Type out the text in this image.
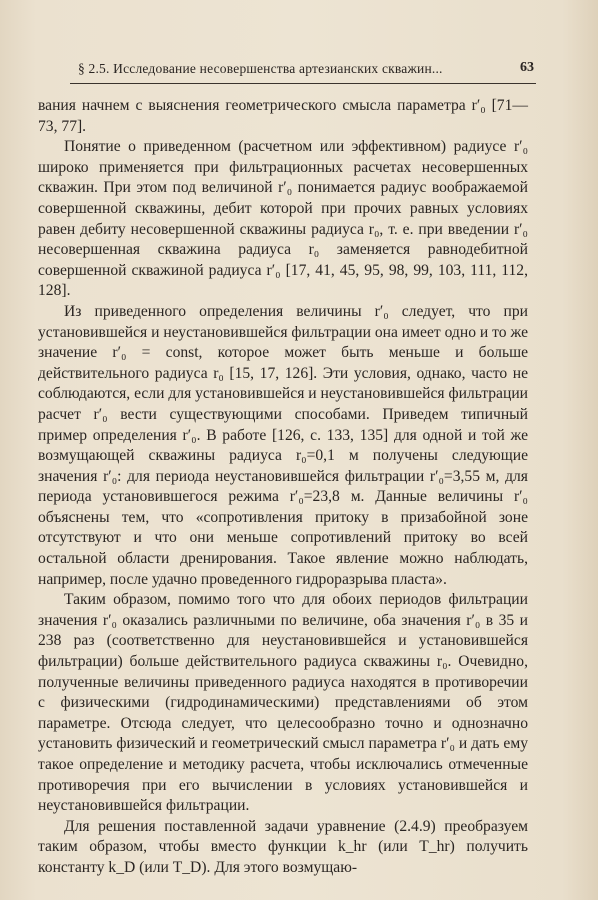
§ 2.5. Исследование несовершенства артезианских скважин...	63

вания начнем с выяснения геометрического смысла параметра r′₀ [71—73, 77].

Понятие о приведенном (расчетном или эффективном) радиусе r′₀ широко применяется при фильтрационных расчетах несовершенных скважин. При этом под величиной r′₀ понимается радиус воображаемой совершенной скважины, дебит которой при прочих равных условиях равен дебиту несовершенной скважины радиуса r₀, т. е. при введении r′₀ несовершенная скважина радиуса r₀ заменяется равнодебитной совершенной скважиной радиуса r′₀ [17, 41, 45, 95, 98, 99, 103, 111, 112, 128].

Из приведенного определения величины r′₀ следует, что при установившейся и неустановившейся фильтрации она имеет одно и то же значение r′₀ = const, которое может быть меньше и больше действительного радиуса r₀ [15, 17, 126]. Эти условия, однако, часто не соблюдаются, если для установившейся и неустановившейся фильтрации расчет r′₀ вести существующими способами. Приведем типичный пример определения r′₀. В работе [126, с. 133, 135] для одной и той же возмущающей скважины радиуса r₀=0,1 м получены следующие значения r′₀: для периода неустановившейся фильтрации r′₀=3,55 м, для периода установившегося режима r′₀=23,8 м. Данные величины r′₀ объяснены тем, что «сопротивления притоку в призабойной зоне отсутствуют и что они меньше сопротивлений притоку во всей остальной области дренирования. Такое явление можно наблюдать, например, после удачно проведенного гидроразрыва пласта».

Таким образом, помимо того что для обоих периодов фильтрации значения r′₀ оказались различными по величине, оба значения r′₀ в 35 и 238 раз (соответственно для неустановившейся и установившейся фильтрации) больше действительного радиуса скважины r₀. Очевидно, полученные величины приведенного радиуса находятся в противоречии с физическими (гидродинамическими) представлениями об этом параметре. Отсюда следует, что целесообразно точно и однозначно установить физический и геометрический смысл параметра r′₀ и дать ему такое определение и методику расчета, чтобы исключались отмеченные противоречия при его вычислении в условиях установившейся и неустановившейся фильтрации.

Для решения поставленной задачи уравнение (2.4.9) преобразуем таким образом, чтобы вместо функции k_hr (или T_hr) получить константу k_D (или T_D). Для этого возмущаю-
